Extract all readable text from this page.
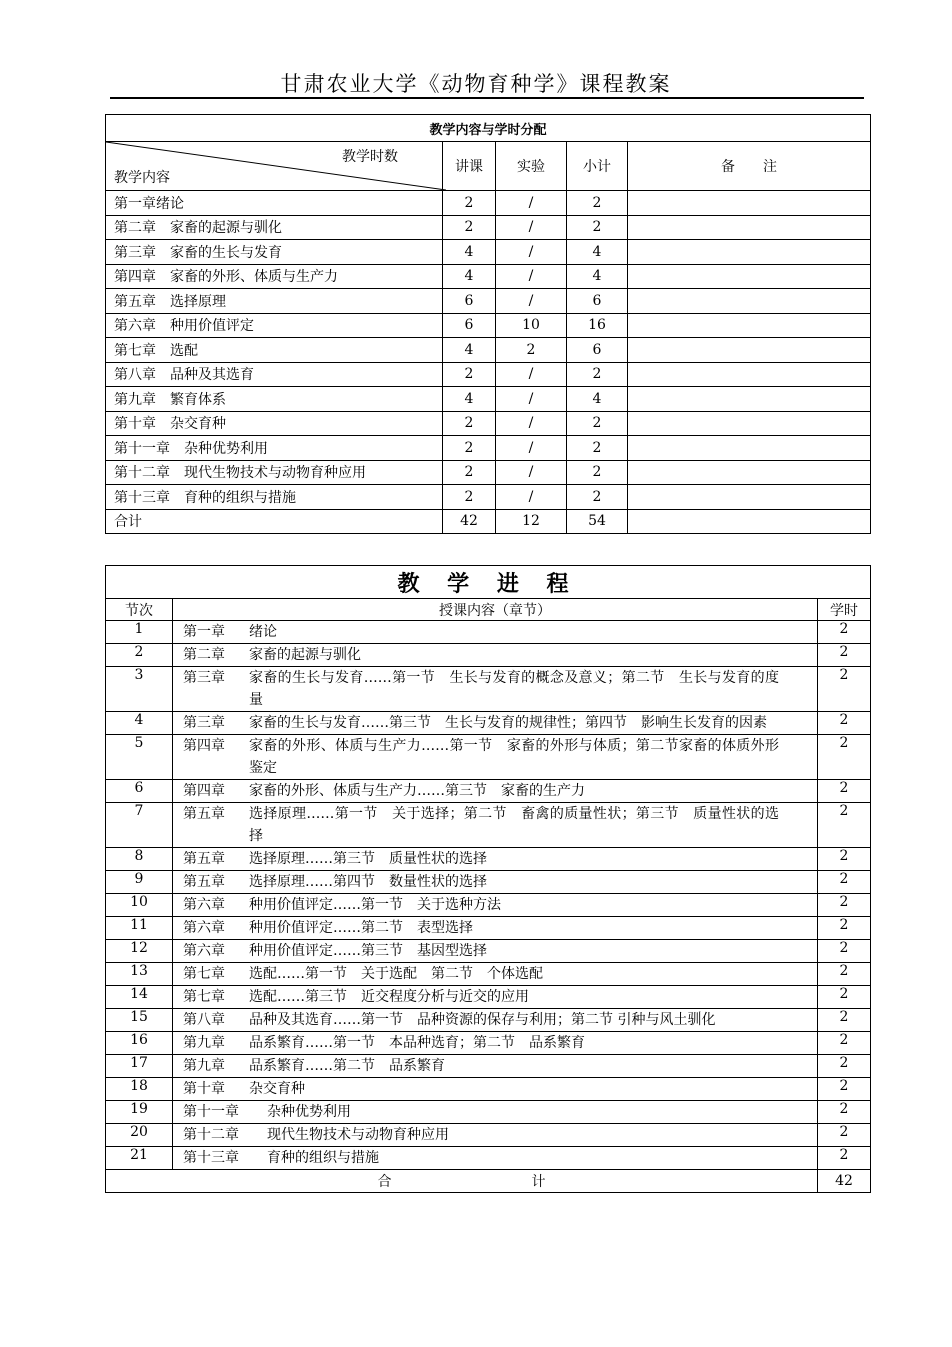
甘肃农业大学《动物育种学》课程教案
教学内容与学时分配				

教学时数
教学内容	讲课	实验	小计	备　　注
第一章绪论	2	/	2	
第二章　家畜的起源与驯化	2	/	2	
第三章　家畜的生长与发育	4	/	4	
第四章　家畜的外形、体质与生产力	4	/	4	
第五章　选择原理	6	/	6	
第六章　种用价值评定	6	10	16	
第七章　选配	4	2	6	
第八章　品种及其选育	2	/	2	
第九章　繁育体系	4	/	4	
第十章　杂交育种	2	/	2	
第十一章　杂种优势利用	2	/	2	
第十二章　现代生物技术与动物育种应用	2	/	2	
第十三章　育种的组织与措施	2	/	2	
合计	42	12	54	
教 学 进 程		
节次	授课内容（章节）	学时
1	第一章 绪论	2
2	第二章 家畜的起源与驯化	2
3	第三章 家畜的生长与发育……第一节　生长与发育的概念及意义；第二节　生长与发育的度量	2
4	第三章 家畜的生长与发育……第三节　生长与发育的规律性；第四节　影响生长发育的因素	2
5	第四章 家畜的外形、体质与生产力……第一节　家畜的外形与体质；第二节家畜的体质外形鉴定	2
6	第四章 家畜的外形、体质与生产力……第三节　家畜的生产力	2
7	第五章 选择原理……第一节　关于选择；第二节　畜禽的质量性状；第三节　质量性状的选择	2
8	第五章 选择原理……第三节　质量性状的选择	2
9	第五章 选择原理……第四节　数量性状的选择	2
10	第六章 种用价值评定……第一节　关于选种方法	2
11	第六章 种用价值评定……第二节　表型选择	2
12	第六章 种用价值评定……第三节　基因型选择	2
13	第七章 选配……第一节　关于选配　第二节　个体选配	2
14	第七章 选配……第三节　近交程度分析与近交的应用	2
15	第八章 品种及其选育……第一节　品种资源的保存与利用；第二节 引种与风土驯化	2
16	第九章 品系繁育……第一节　本品种选育；第二节　品系繁育	2
17	第九章 品系繁育……第二节　品系繁育	2
18	第十章 杂交育种	2
19	第十一章 杂种优势利用	2
20	第十二章 现代生物技术与动物育种应用	2
21	第十三章 育种的组织与措施	2
合　　　　　　　　　　计		42
